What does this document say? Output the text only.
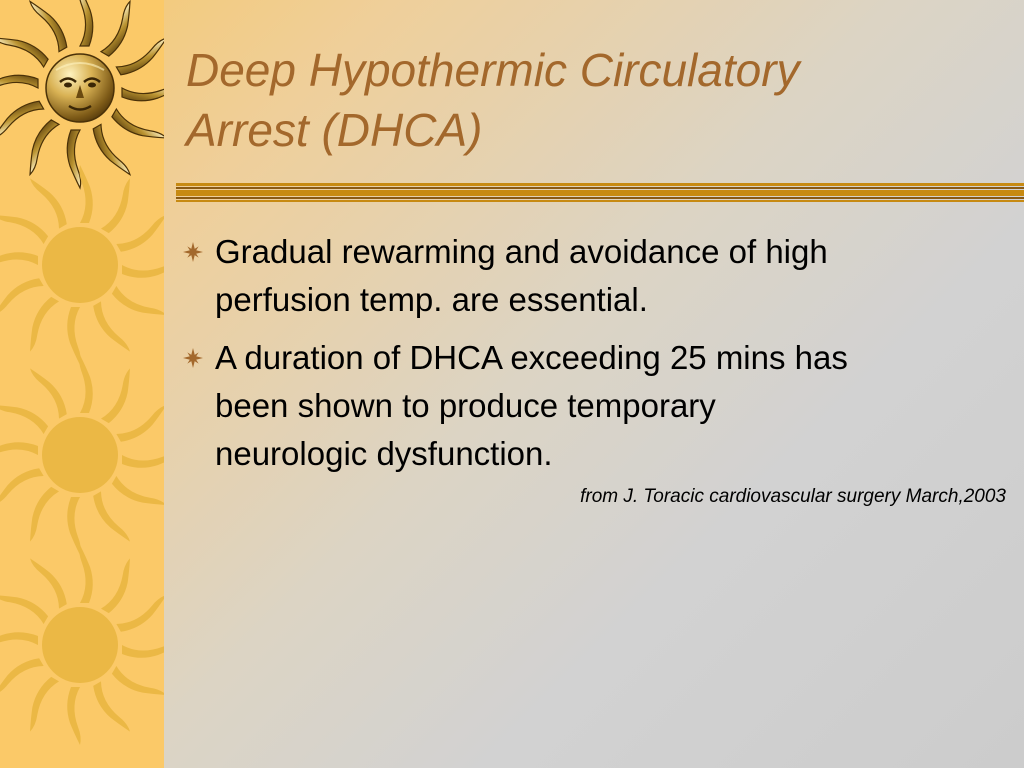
Deep Hypothermic Circulatory
Arrest (DHCA)
Gradual rewarming and avoidance of high
perfusion temp. are essential.
A duration of DHCA exceeding 25 mins has
been shown to produce temporary
neurologic dysfunction.
from J. Toracic cardiovascular surgery March,2003
